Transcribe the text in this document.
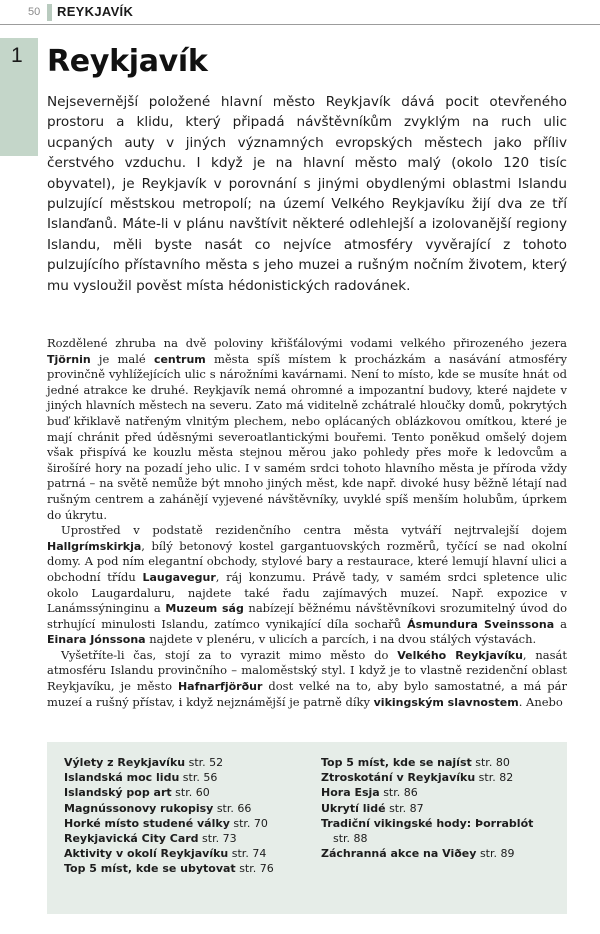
50 REYKJAVÍK
1 Reykjavík

Nejsevernější položené hlavní město Reykjavík dává pocit otevřeného prostoru a klidu, který připadá návštěvníkům zvyklým na ruch ulic ucpaných auty v jiných významných evropských městech jako příliv čerstvého vzduchu. I když je na hlavní město malý (okolo 120 tisíc obyvatel), je Reykjavík v porovnání s jinými obydlenými oblastmi Islandu pulzující městskou metropolí; na území Velkého Reykjavíku žijí dva ze tří Islanďanů. Máte-li v plánu navštívit některé odlehlejší a izolovanější regiony Islandu, měli byste nasát co nejvíce atmosféry vyvěrající z tohoto pulzujícího přístavního města s jeho muzei a rušným nočním životem, který mu vysloužil pověst místa hédonistických radovánek.

Rozdělené zhruba na dvě poloviny křišťálovými vodami velkého přirozeného jezera Tjörnin je malé centrum města spíš místem k procházkám a nasávání atmosféry provinčně vyhlížejících ulic s nárožními kavárnami. Není to místo, kde se musíte hnát od jedné atrakce ke druhé. Reykjavík nemá ohromné a impozantní budovy, které najdete v jiných hlavních městech na severu. Zato má viditelně zchátralé hloučky domů, pokrytých buď křiklavě natřeným vlnitým plechem, nebo oplácaných oblázkovou omítkou, které je mají chránit před úděsnými severoatlantickými bouřemi. Tento poněkud omšelý dojem však přispívá ke kouzlu města stejnou měrou jako pohledy přes moře k ledovcům a širošíré hory na pozadí jeho ulic. I v samém srdci tohoto hlavního města je příroda vždy patrná – na světě nemůže být mnoho jiných měst, kde např. divoké husy běžně létají nad rušným centrem a zahánějí vyjevené návštěvníky, uvyklé spíš menším holubům, úprkem do úkrytu.

Uprostřed v podstatě rezidenčního centra města vytváří nejtrvalejší dojem Hallgrímskirkja, bílý betonový kostel gargantuovských rozměrů, tyčící se nad okolní domy. A pod ním elegantní obchody, stylové bary a restaurace, které lemují hlavní ulici a obchodní třídu Laugavegur, ráj konzumu. Právě tady, v samém srdci spletence ulic okolo Laugardaluru, najdete také řadu zajímavých muzeí. Např. expozice v Lanámssýninginu a Muzeum ság nabízejí běžnému návštěvníkovi srozumitelný úvod do strhující minulosti Islandu, zatímco vynikající díla sochařů Ásmundura Sveinssona a Einara Jónssona najdete v plenéru, v ulicích a parcích, i na dvou stálých výstavách.

Vyšetříte-li čas, stojí za to vyrazit mimo město do Velkého Reykjavíku, nasát atmosféru Islandu provinčního – maloměstský styl. I když je to vlastně rezidenční oblast Reykjavíku, je město Hafnarfjörður dost velké na to, aby bylo samostatné, a má pár muzeí a rušný přístav, i když nejznámější je patrně díky vikingským slavnostem. Anebo

Výlety z Reykjavíku str. 52
Islandská moc lidu str. 56
Islandský pop art str. 60
Magnússonovy rukopisy str. 66
Horké místo studené války str. 70
Reykjavická City Card str. 73
Aktivity v okolí Reykjavíku str. 74
Top 5 míst, kde se ubytovat str. 76
Top 5 míst, kde se najíst str. 80
Ztroskotání v Reykjavíku str. 82
Hora Esja str. 86
Ukrytí lidé str. 87
Tradiční vikingské hody: Þorrablót
str. 88
Záchranná akce na Viðey str. 89
